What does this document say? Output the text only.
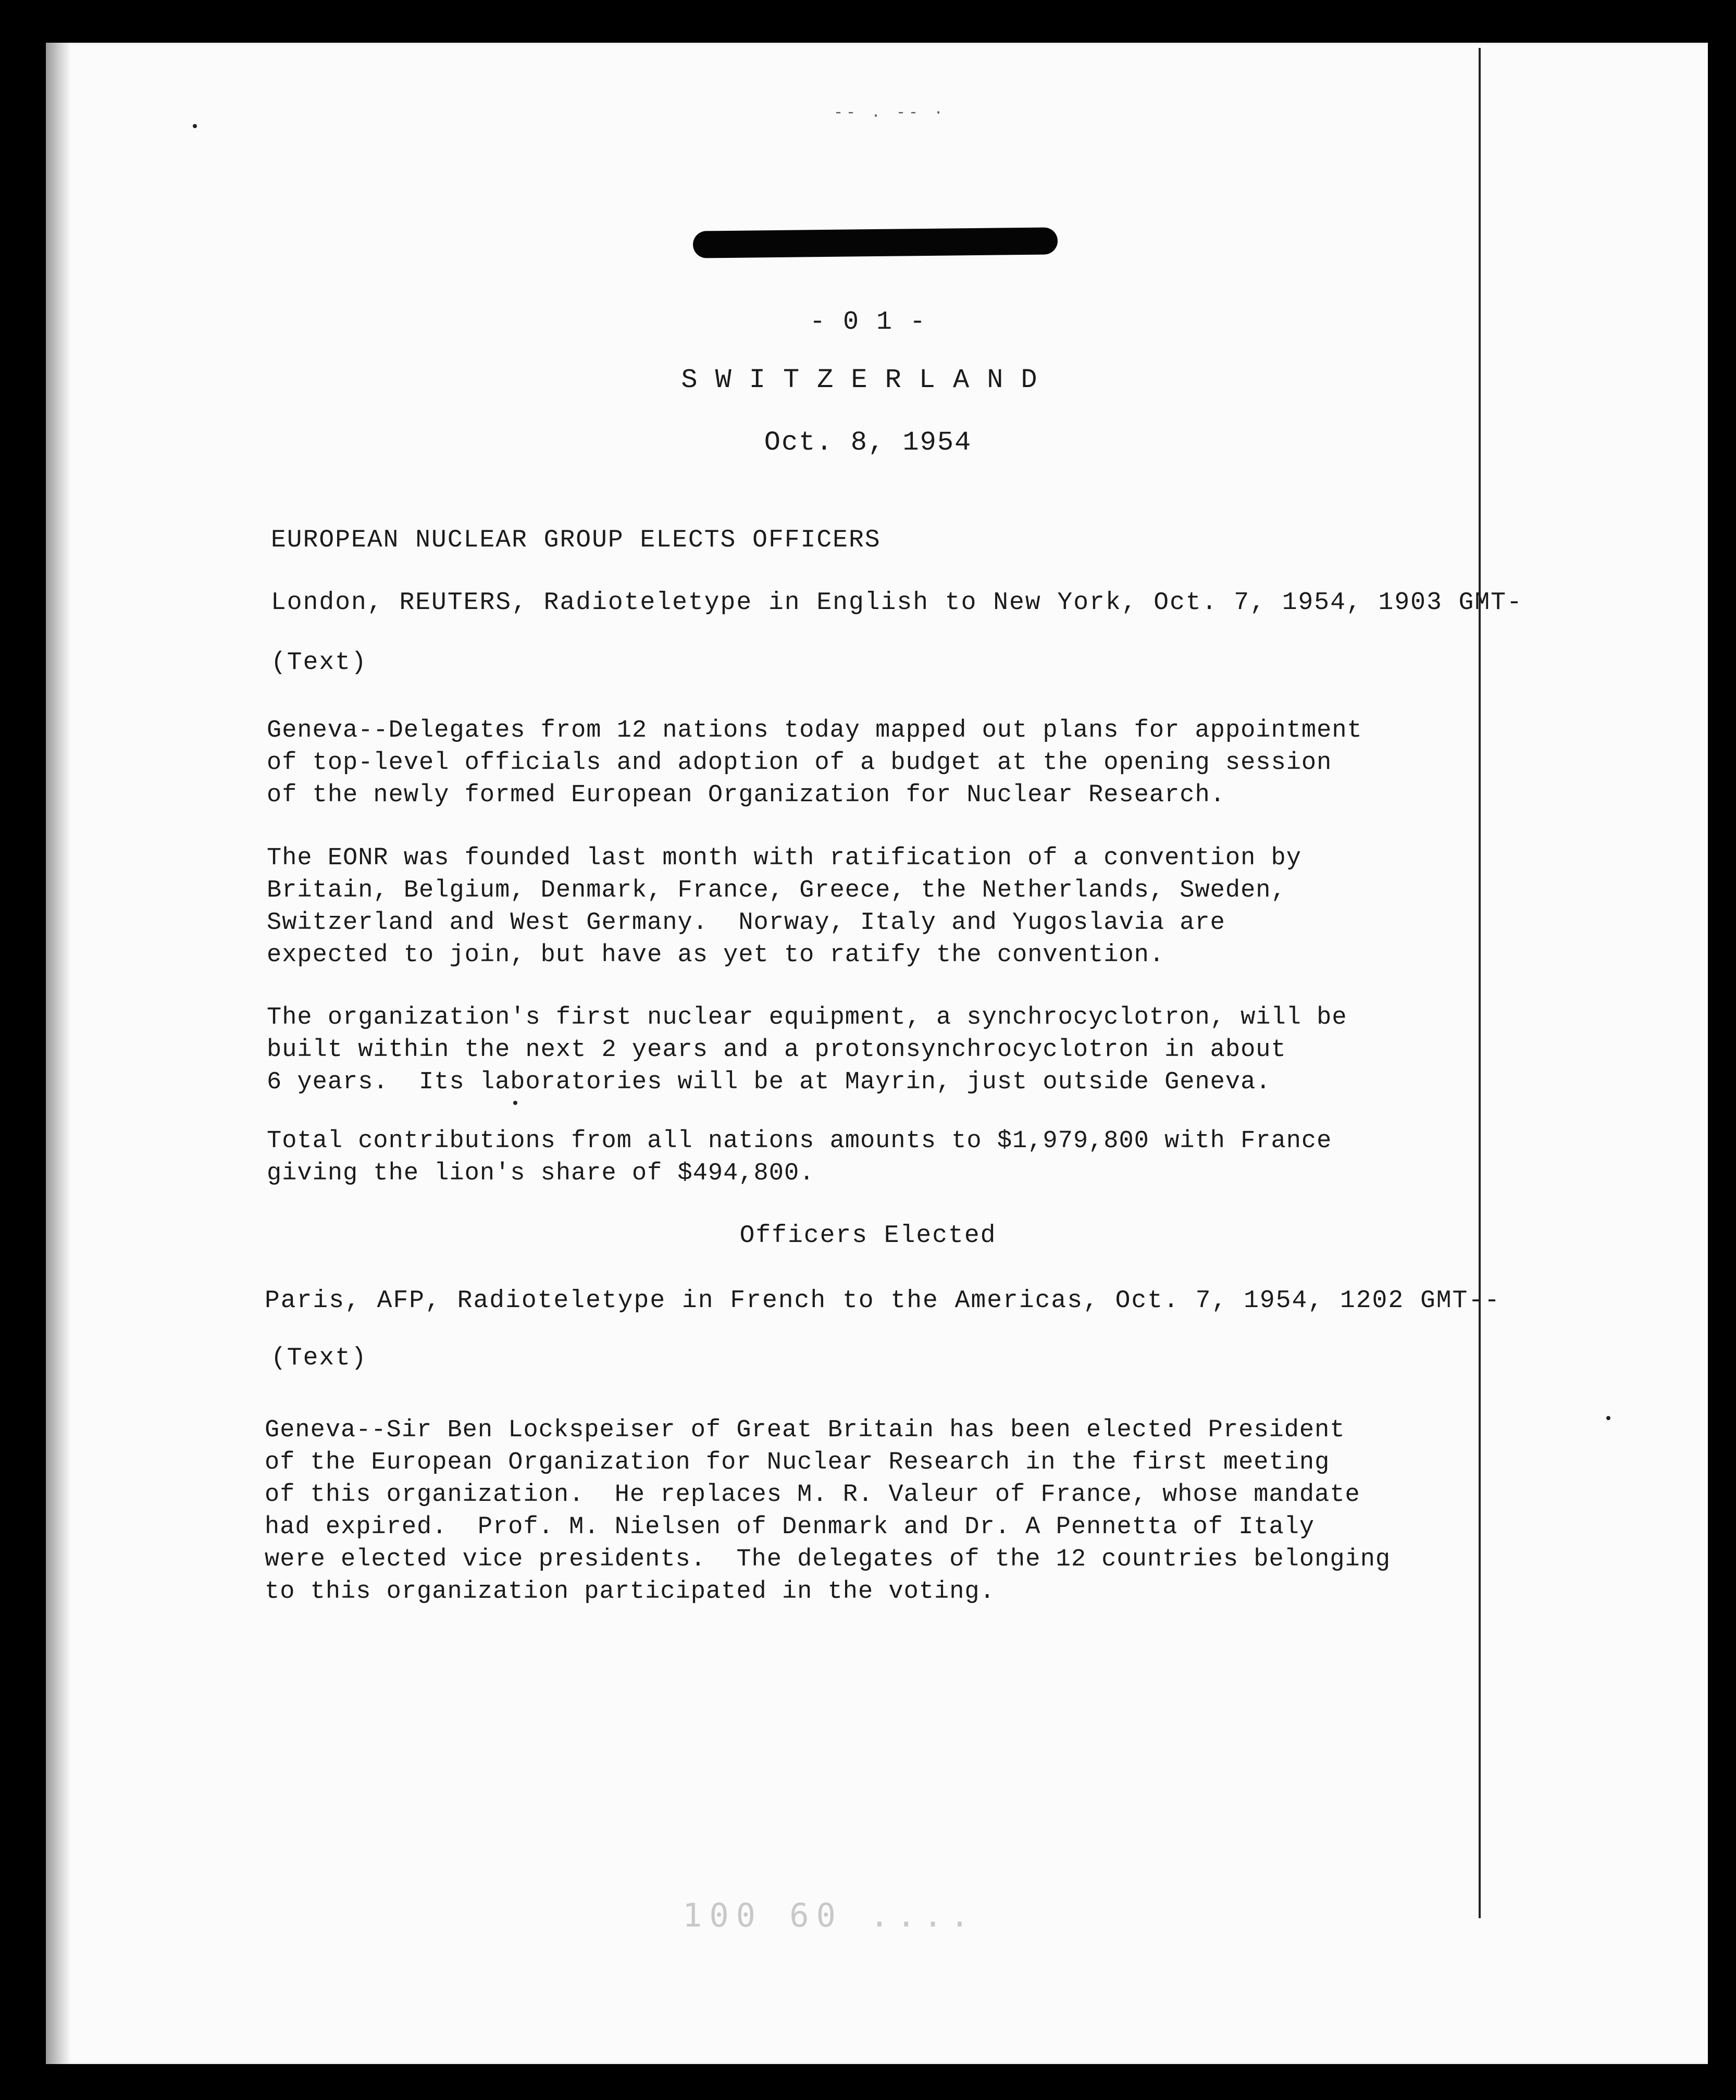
-- . -- ·
- 0 1 -
SWITZERLAND
Oct. 8, 1954
EUROPEAN NUCLEAR GROUP ELECTS OFFICERS
London, REUTERS, Radioteletype in English to New York, Oct. 7, 1954, 1903 GMT-
(Text)
Geneva--Delegates from 12 nations today mapped out plans for appointment
of top-level officials and adoption of a budget at the opening session
of the newly formed European Organization for Nuclear Research.
The EONR was founded last month with ratification of a convention by
Britain, Belgium, Denmark, France, Greece, the Netherlands, Sweden,
Switzerland and West Germany.  Norway, Italy and Yugoslavia are
expected to join, but have as yet to ratify the convention.
The organization's first nuclear equipment, a synchrocyclotron, will be
built within the next 2 years and a protonsynchrocyclotron in about
6 years.  Its laboratories will be at Mayrin, just outside Geneva.
Total contributions from all nations amounts to $1,979,800 with France
giving the lion's share of $494,800.
Officers Elected
Paris, AFP, Radioteletype in French to the Americas, Oct. 7, 1954, 1202 GMT--
(Text)
Geneva--Sir Ben Lockspeiser of Great Britain has been elected President
of the European Organization for Nuclear Research in the first meeting
of this organization.  He replaces M. R. Valeur of France, whose mandate
had expired.  Prof. M. Nielsen of Denmark and Dr. A Pennetta of Italy
were elected vice presidents.  The delegates of the 12 countries belonging
to this organization participated in the voting.
100 60 ....
